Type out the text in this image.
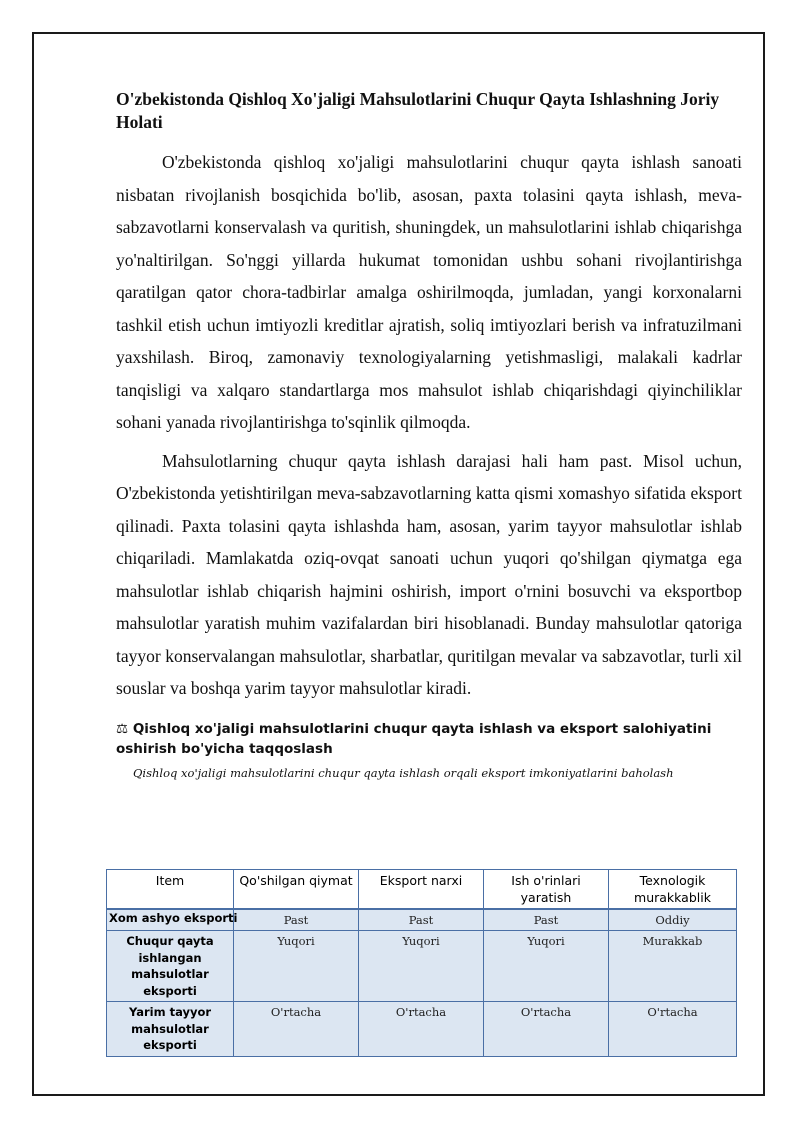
O'zbekistonda Qishloq Xo'jaligi Mahsulotlarini Chuqur Qayta Ishlashning Joriy Holati

O'zbekistonda qishloq xo'jaligi mahsulotlarini chuqur qayta ishlash sanoati nisbatan rivojlanish bosqichida bo'lib, asosan, paxta tolasini qayta ishlash, meva-sabzavotlarni konservalash va quritish, shuningdek, un mahsulotlarini ishlab chiqarishga yo'naltirilgan. So'nggi yillarda hukumat tomonidan ushbu sohani rivojlantirishga qaratilgan qator chora-tadbirlar amalga oshirilmoqda, jumladan, yangi korxonalarni tashkil etish uchun imtiyozli kreditlar ajratish, soliq imtiyozlari berish va infratuzilmani yaxshilash. Biroq, zamonaviy texnologiyalarning yetishmasligi, malakali kadrlar tanqisligi va xalqaro standartlarga mos mahsulot ishlab chiqarishdagi qiyinchiliklar sohani yanada rivojlantirishga to'sqinlik qilmoqda.

Mahsulotlarning chuqur qayta ishlash darajasi hali ham past. Misol uchun, O'zbekistonda yetishtirilgan meva-sabzavotlarning katta qismi xomashyo sifatida eksport qilinadi. Paxta tolasini qayta ishlashda ham, asosan, yarim tayyor mahsulotlar ishlab chiqariladi. Mamlakatda oziq-ovqat sanoati uchun yuqori qo'shilgan qiymatga ega mahsulotlar ishlab chiqarish hajmini oshirish, import o'rnini bosuvchi va eksportbop mahsulotlar yaratish muhim vazifalardan biri hisoblanadi. Bunday mahsulotlar qatoriga tayyor konservalangan mahsulotlar, sharbatlar, quritilgan mevalar va sabzavotlar, turli xil souslar va boshqa yarim tayyor mahsulotlar kiradi.

⚖ Qishloq xo'jaligi mahsulotlarini chuqur qayta ishlash va eksport salohiyatini oshirish bo'yicha taqqoslash
Qishloq xo'jaligi mahsulotlarini chuqur qayta ishlash orqali eksport imkoniyatlarini baholash
Item	Qo'shilgan qiymat	Eksport narxi	Ish o'rinlari yaratish	Texnologik murakkablik
Xom ashyo eksporti	Past	Past	Past	Oddiy
Chuqur qayta ishlangan mahsulotlar eksporti	Yuqori	Yuqori	Yuqori	Murakkab
Yarim tayyor mahsulotlar eksporti	O'rtacha	O'rtacha	O'rtacha	O'rtacha
